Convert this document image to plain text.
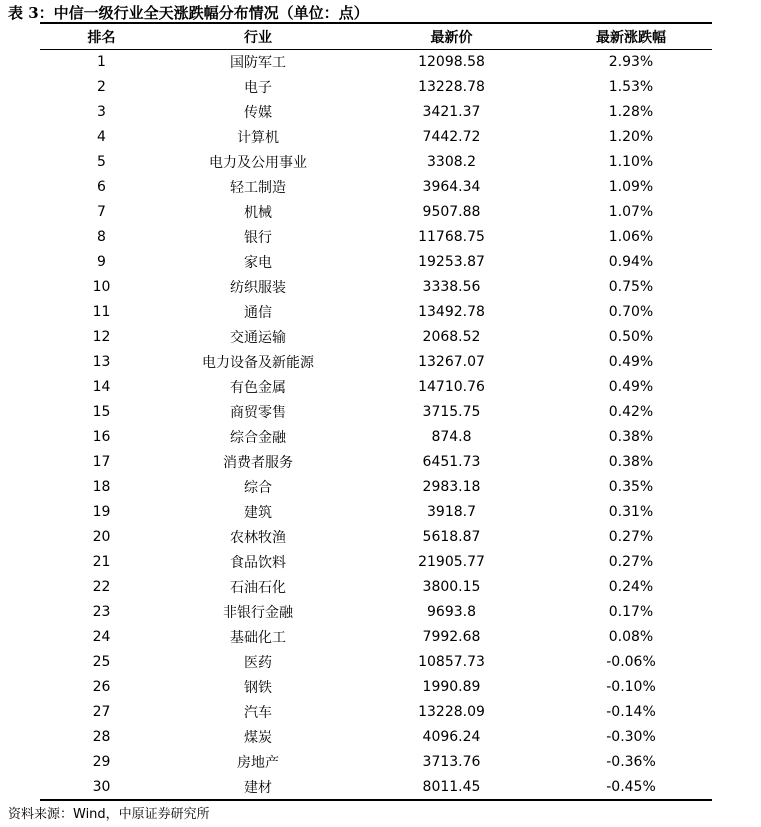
表 3：中信一级行业全天涨跌幅分布情况（单位：点）
排名	行业	最新价	最新涨跌幅
1	国防军工	12098.58	2.93%
2	电子	13228.78	1.53%
3	传媒	3421.37	1.28%
4	计算机	7442.72	1.20%
5	电力及公用事业	3308.2	1.10%
6	轻工制造	3964.34	1.09%
7	机械	9507.88	1.07%
8	银行	11768.75	1.06%
9	家电	19253.87	0.94%
10	纺织服装	3338.56	0.75%
11	通信	13492.78	0.70%
12	交通运输	2068.52	0.50%
13	电力设备及新能源	13267.07	0.49%
14	有色金属	14710.76	0.49%
15	商贸零售	3715.75	0.42%
16	综合金融	874.8	0.38%
17	消费者服务	6451.73	0.38%
18	综合	2983.18	0.35%
19	建筑	3918.7	0.31%
20	农林牧渔	5618.87	0.27%
21	食品饮料	21905.77	0.27%
22	石油石化	3800.15	0.24%
23	非银行金融	9693.8	0.17%
24	基础化工	7992.68	0.08%
25	医药	10857.73	-0.06%
26	钢铁	1990.89	-0.10%
27	汽车	13228.09	-0.14%
28	煤炭	4096.24	-0.30%
29	房地产	3713.76	-0.36%
30	建材	8011.45	-0.45%
资料来源：Wind，中原证券研究所
